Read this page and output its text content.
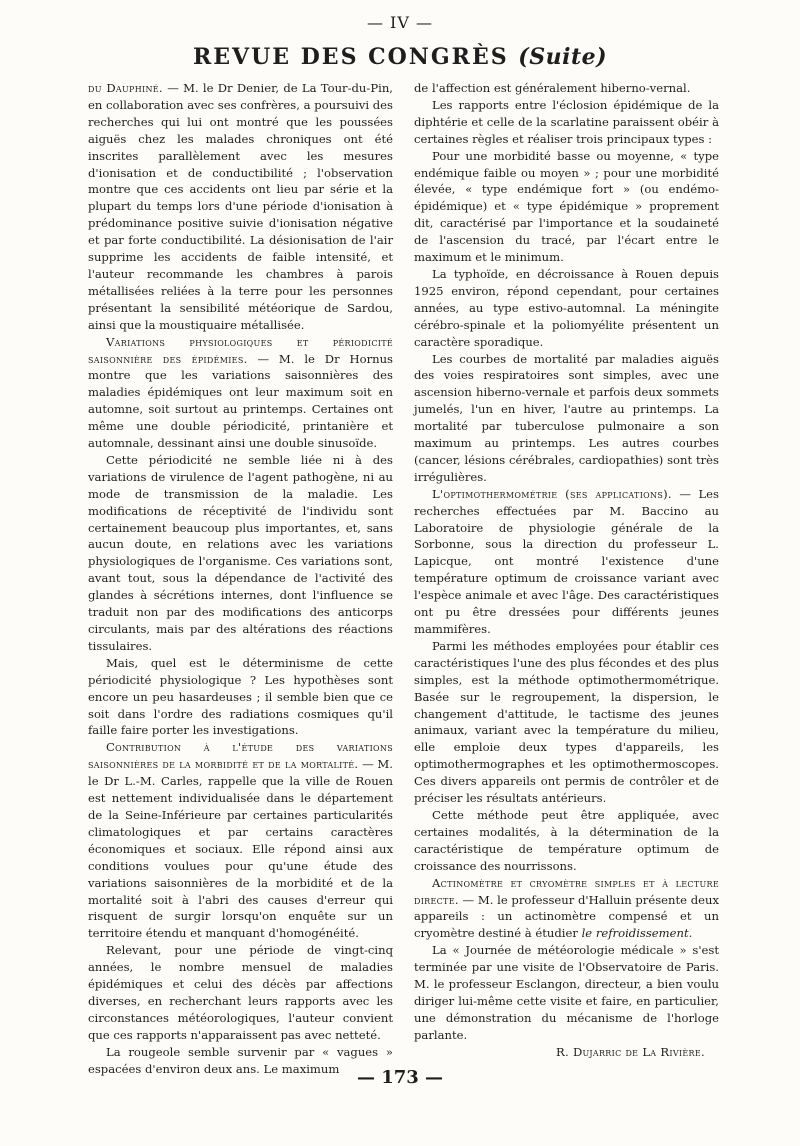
— IV —
REVUE DES CONGRÈS (Suite)

du Dauphiné. — M. le Dr Denier, de La Tour-du-Pin, en collaboration avec ses confrères, a poursuivi des recherches qui lui ont montré que les poussées aiguës chez les malades chroniques ont été inscrites parallèlement avec les mesures d'ionisation et de conductibilité ; l'observation montre que ces accidents ont lieu par série et la plupart du temps lors d'une période d'ionisation à prédominance positive suivie d'ionisation négative et par forte conductibilité. La désionisation de l'air supprime les accidents de faible intensité, et l'auteur recommande les chambres à parois métallisées reliées à la terre pour les personnes présentant la sensibilité météorique de Sardou, ainsi que la moustiquaire métallisée.

Variations physiologiques et périodicité saisonnière des épidémies. — M. le Dr Hornus montre que les variations saisonnières des maladies épidémiques ont leur maximum soit en automne, soit surtout au printemps. Certaines ont même une double périodicité, printanière et automnale, dessinant ainsi une double sinusoïde.

Cette périodicité ne semble liée ni à des variations de virulence de l'agent pathogène, ni au mode de transmission de la maladie. Les modifications de réceptivité de l'individu sont certainement beaucoup plus importantes, et, sans aucun doute, en relations avec les variations physiologiques de l'organisme. Ces variations sont, avant tout, sous la dépendance de l'activité des glandes à sécrétions internes, dont l'influence se traduit non par des modifications des anticorps circulants, mais par des altérations des réactions tissulaires.

Mais, quel est le déterminisme de cette périodicité physiologique ? Les hypothèses sont encore un peu hasardeuses ; il semble bien que ce soit dans l'ordre des radiations cosmiques qu'il faille faire porter les investigations.

Contribution à l'étude des variations saisonnières de la morbidité et de la mortalité. — M. le Dr L.-M. Carles, rappelle que la ville de Rouen est nettement individualisée dans le département de la Seine-Inférieure par certaines particularités climatologiques et par certains caractères économiques et sociaux. Elle répond ainsi aux conditions voulues pour qu'une étude des variations saisonnières de la morbidité et de la mortalité soit à l'abri des causes d'erreur qui risquent de surgir lorsqu'on enquête sur un territoire étendu et manquant d'homogénéité.

Relevant, pour une période de vingt-cinq années, le nombre mensuel de maladies épidémiques et celui des décès par affections diverses, en recherchant leurs rapports avec les circonstances météorologiques, l'auteur convient que ces rapports n'apparaissent pas avec netteté.

La rougeole semble survenir par « vagues » espacées d'environ deux ans. Le maximum

de l'affection est généralement hiberno-vernal.

Les rapports entre l'éclosion épidémique de la diphtérie et celle de la scarlatine paraissent obéir à certaines règles et réaliser trois principaux types :

Pour une morbidité basse ou moyenne, « type endémique faible ou moyen » ; pour une morbidité élevée, « type endémique fort » (ou endémo-épidémique) et « type épidémique » proprement dit, caractérisé par l'importance et la soudaineté de l'ascension du tracé, par l'écart entre le maximum et le minimum.

La typhoïde, en décroissance à Rouen depuis 1925 environ, répond cependant, pour certaines années, au type estivo-automnal. La méningite cérébro-spinale et la poliomyélite présentent un caractère sporadique.

Les courbes de mortalité par maladies aiguës des voies respiratoires sont simples, avec une ascension hiberno-vernale et parfois deux sommets jumelés, l'un en hiver, l'autre au printemps. La mortalité par tuberculose pulmonaire a son maximum au printemps. Les autres courbes (cancer, lésions cérébrales, cardiopathies) sont très irrégulières.

L'optimothermométrie (ses applications). — Les recherches effectuées par M. Baccino au Laboratoire de physiologie générale de la Sorbonne, sous la direction du professeur L. Lapicque, ont montré l'existence d'une température optimum de croissance variant avec l'espèce animale et avec l'âge. Des caractéristiques ont pu être dressées pour différents jeunes mammifères.

Parmi les méthodes employées pour établir ces caractéristiques l'une des plus fécondes et des plus simples, est la méthode optimothermométrique. Basée sur le regroupement, la dispersion, le changement d'attitude, le tactisme des jeunes animaux, variant avec la température du milieu, elle emploie deux types d'appareils, les optimothermographes et les optimothermoscopes. Ces divers appareils ont permis de contrôler et de préciser les résultats antérieurs.

Cette méthode peut être appliquée, avec certaines modalités, à la détermination de la caractéristique de température optimum de croissance des nourrissons.

Actinomètre et cryomètre simples et à lecture directe. — M. le professeur d'Halluin présente deux appareils : un actinomètre compensé et un cryomètre destiné à étudier le refroidissement.

La « Journée de météorologie médicale » s'est terminée par une visite de l'Observatoire de Paris. M. le professeur Esclangon, directeur, a bien voulu diriger lui-même cette visite et faire, en particulier, une démonstration du mécanisme de l'horloge parlante.

R. Dujarric de La Rivière.

— 173 —
